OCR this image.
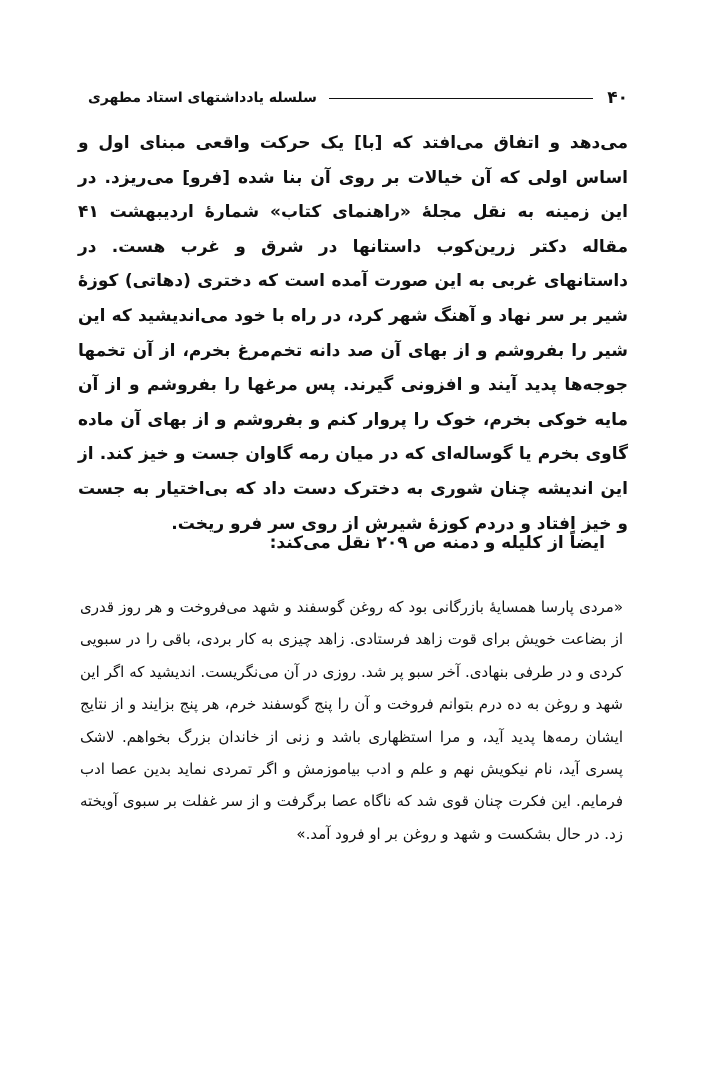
۴۰
سلسله یادداشتهای استاد مطهری

می‌دهد و اتفاق می‌افتد که [با] یک حرکت واقعی مبنای اول و اساس اولی که آن خیالات بر روی آن بنا شده [فرو] می‌ریزد. در این زمینه به نقل مجلهٔ «راهنمای کتاب» شمارهٔ اردیبهشت ۴۱ مقاله دکتر زرین‌کوب داستانها در شرق و غرب هست. در داستانهای غربی به این صورت آمده است که دختری (دهاتی) کوزهٔ شیر بر سر نهاد و آهنگ شهر کرد، در راه با خود می‌اندیشید که این شیر را بفروشم و از بهای آن صد دانه تخم‌مرغ بخرم، از آن تخمها جوجه‌ها پدید آیند و افزونی گیرند. پس مرغها را بفروشم و از آن مایه خوکی بخرم، خوک را پروار کنم و بفروشم و از بهای آن ماده گاوی بخرم یا گوساله‌ای که در میان رمه گاوان جست و خیز کند. از این اندیشه چنان شوری به دخترک دست داد که بی‌اختیار به جست و خیز افتاد و دردم کوزهٔ شیرش از روی سر فرو ریخت.

ایضاً از کلیله و دمنه ص ۲۰۹ نقل می‌کند:

«مردی پارسا همسایهٔ بازرگانی بود که روغن گوسفند و شهد می‌فروخت و هر روز قدری از بضاعت خویش برای قوت زاهد فرستادی. زاهد چیزی به کار بردی، باقی را در سبویی کردی و در طرفی بنهادی. آخر سبو پر شد. روزی در آن می‌نگریست. اندیشید که اگر این شهد و روغن به ده درم بتوانم فروخت و آن را پنج گوسفند خرم، هر پنج بزایند و از نتایج ایشان رمه‌ها پدید آید، و مرا استظهاری باشد و زنی از خاندان بزرگ بخواهم. لاشک پسری آید، نام نیکویش نهم و علم و ادب بیاموزمش و اگر تمردی نماید بدین عصا ادب فرمایم. این فکرت چنان قوی شد که ناگاه عصا برگرفت و از سر غفلت بر سبوی آویخته زد. در حال بشکست و شهد و روغن بر او فرود آمد.»
